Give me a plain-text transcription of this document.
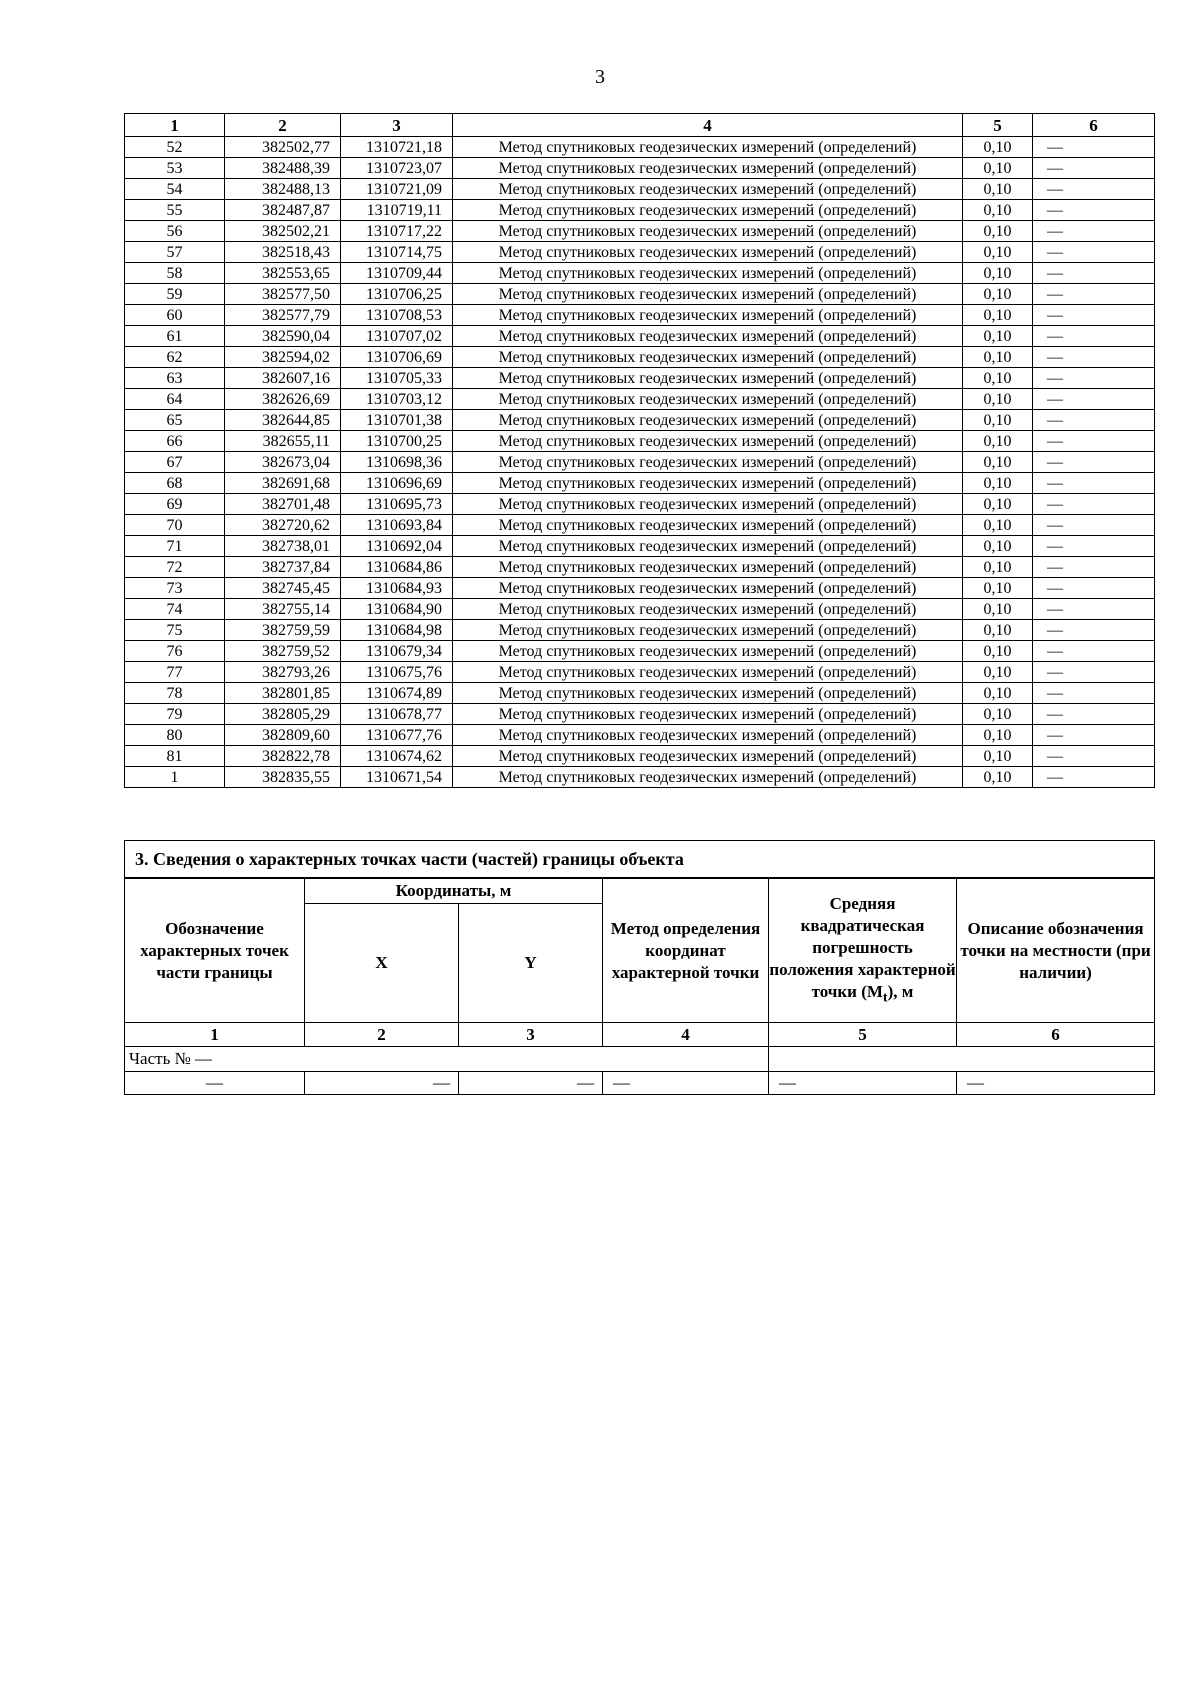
3
1	2	3	4	5	6
52	382502,77	1310721,18	Метод спутниковых геодезических измерений (определений)	0,10	—
53	382488,39	1310723,07	Метод спутниковых геодезических измерений (определений)	0,10	—
54	382488,13	1310721,09	Метод спутниковых геодезических измерений (определений)	0,10	—
55	382487,87	1310719,11	Метод спутниковых геодезических измерений (определений)	0,10	—
56	382502,21	1310717,22	Метод спутниковых геодезических измерений (определений)	0,10	—
57	382518,43	1310714,75	Метод спутниковых геодезических измерений (определений)	0,10	—
58	382553,65	1310709,44	Метод спутниковых геодезических измерений (определений)	0,10	—
59	382577,50	1310706,25	Метод спутниковых геодезических измерений (определений)	0,10	—
60	382577,79	1310708,53	Метод спутниковых геодезических измерений (определений)	0,10	—
61	382590,04	1310707,02	Метод спутниковых геодезических измерений (определений)	0,10	—
62	382594,02	1310706,69	Метод спутниковых геодезических измерений (определений)	0,10	—
63	382607,16	1310705,33	Метод спутниковых геодезических измерений (определений)	0,10	—
64	382626,69	1310703,12	Метод спутниковых геодезических измерений (определений)	0,10	—
65	382644,85	1310701,38	Метод спутниковых геодезических измерений (определений)	0,10	—
66	382655,11	1310700,25	Метод спутниковых геодезических измерений (определений)	0,10	—
67	382673,04	1310698,36	Метод спутниковых геодезических измерений (определений)	0,10	—
68	382691,68	1310696,69	Метод спутниковых геодезических измерений (определений)	0,10	—
69	382701,48	1310695,73	Метод спутниковых геодезических измерений (определений)	0,10	—
70	382720,62	1310693,84	Метод спутниковых геодезических измерений (определений)	0,10	—
71	382738,01	1310692,04	Метод спутниковых геодезических измерений (определений)	0,10	—
72	382737,84	1310684,86	Метод спутниковых геодезических измерений (определений)	0,10	—
73	382745,45	1310684,93	Метод спутниковых геодезических измерений (определений)	0,10	—
74	382755,14	1310684,90	Метод спутниковых геодезических измерений (определений)	0,10	—
75	382759,59	1310684,98	Метод спутниковых геодезических измерений (определений)	0,10	—
76	382759,52	1310679,34	Метод спутниковых геодезических измерений (определений)	0,10	—
77	382793,26	1310675,76	Метод спутниковых геодезических измерений (определений)	0,10	—
78	382801,85	1310674,89	Метод спутниковых геодезических измерений (определений)	0,10	—
79	382805,29	1310678,77	Метод спутниковых геодезических измерений (определений)	0,10	—
80	382809,60	1310677,76	Метод спутниковых геодезических измерений (определений)	0,10	—
81	382822,78	1310674,62	Метод спутниковых геодезических измерений (определений)	0,10	—
1	382835,55	1310671,54	Метод спутниковых геодезических измерений (определений)	0,10	—
3. Сведения о характерных точках части (частей) границы объекта					
Обозначение характерных точек части границы	Координаты, м		Метод определения координат характерной точки	Средняя квадратическая погрешность положения характерной точки $(M_t)$, м	Описание обозначения точки на местности (при наличии)
	X	Y			
1	2	3	4	5	6
Часть № —					
—	—	—	—	—	—
